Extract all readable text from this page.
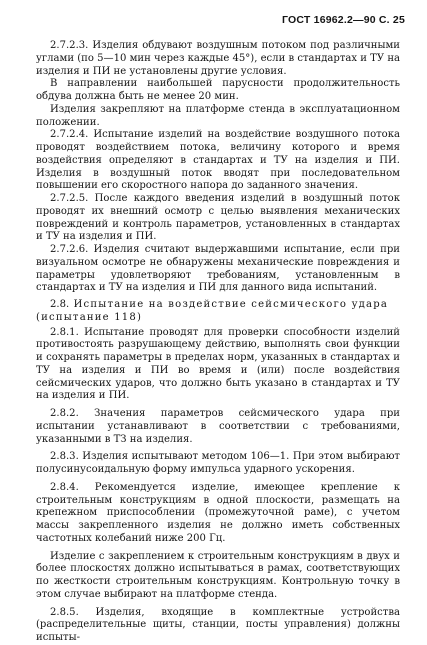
ГОСТ 16962.2—90 С. 25

2.7.2.3. Изделия обдувают воздушным потоком под различными углами (по 5—10 мин через каждые 45°), если в стандартах и ТУ на изделия и ПИ не установлены другие условия.

В направлении наибольшей парусности продолжительность обдува должна быть не менее 20 мин.

Изделия закрепляют на платформе стенда в эксплуатационном положении.

2.7.2.4. Испытание изделий на воздействие воздушного потока проводят воздействием потока, величину которого и время воздействия определяют в стандартах и ТУ на изделия и ПИ. Изделия в воздушный поток вводят при последовательном повышении его скоростного напора до заданного значения.

2.7.2.5. После каждого введения изделий в воздушный поток проводят их внешний осмотр с целью выявления механических повреждений и контроль параметров, установленных в стандартах и ТУ на изделия и ПИ.

2.7.2.6. Изделия считают выдержавшими испытание, если при визуальном осмотре не обнаружены механические повреждения и параметры удовлетворяют требованиям, установленным в стандартах и ТУ на изделия и ПИ для данного вида испытаний.

2.8. Испытание на воздействие сейсмического удара (испытание 118)

2.8.1. Испытание проводят для проверки способности изделий противостоять разрушающему действию, выполнять свои функции и сохранять параметры в пределах норм, указанных в стандартах и ТУ на изделия и ПИ во время и (или) после воздействия сейсмических ударов, что должно быть указано в стандартах и ТУ на изделия и ПИ.

2.8.2. Значения параметров сейсмического удара при испытании устанавливают в соответствии с требованиями, указанными в ТЗ на изделия.

2.8.3. Изделия испытывают методом 106—1. При этом выбирают полусинусоидальную форму импульса ударного ускорения.

2.8.4. Рекомендуется изделие, имеющее крепление к строительным конструкциям в одной плоскости, размещать на крепежном приспособлении (промежуточной раме), с учетом массы закрепленного изделия не должно иметь собственных частотных колебаний ниже 200 Гц.

Изделие с закреплением к строительным конструкциям в двух и более плоскостях должно испытываться в рамах, соответствующих по жесткости строительным конструкциям. Контрольную точку в этом случае выбирают на платформе стенда.

2.8.5. Изделия, входящие в комплектные устройства (распределительные щиты, станции, посты управления) должны испыты-
